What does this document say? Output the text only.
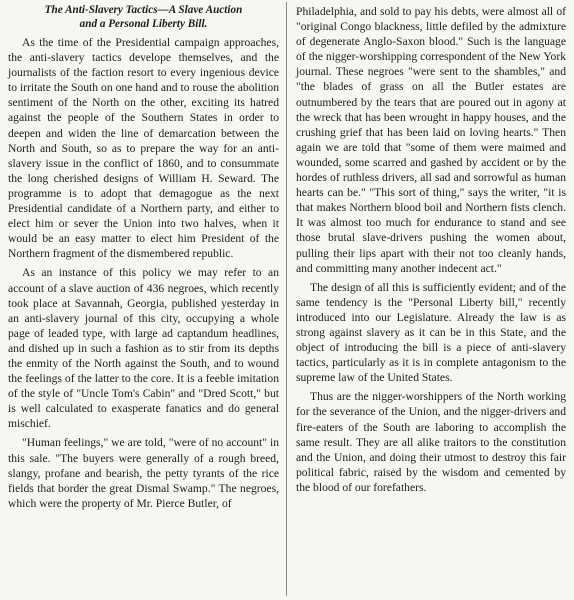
The Anti-Slavery Tactics—A Slave Auction
and a Personal Liberty Bill.

As the time of the Presidential campaign approaches, the anti-slavery tactics develope themselves, and the journalists of the faction resort to every ingenious device to irritate the South on one hand and to rouse the abolition sentiment of the North on the other, exciting its hatred against the people of the Southern States in order to deepen and widen the line of demarcation between the North and South, so as to prepare the way for an anti-slavery issue in the conflict of 1860, and to consummate the long cherished designs of William H. Seward. The programme is to adopt that demagogue as the next Presidential candidate of a Northern party, and either to elect him or sever the Union into two halves, when it would be an easy matter to elect him President of the Northern fragment of the dismembered republic.

As an instance of this policy we may refer to an account of a slave auction of 436 negroes, which recently took place at Savannah, Georgia, published yesterday in an anti-slavery journal of this city, occupying a whole page of leaded type, with large ad captandum headlines, and dished up in such a fashion as to stir from its depths the enmity of the North against the South, and to wound the feelings of the latter to the core. It is a feeble imitation of the style of "Uncle Tom's Cabin" and "Dred Scott," but is well calculated to exasperate fanatics and do general mischief.

"Human feelings," we are told, "were of no account" in this sale. "The buyers were generally of a rough breed, slangy, profane and bearish, the petty tyrants of the rice fields that border the great Dismal Swamp." The negroes, which were the property of Mr. Pierce Butler, of

Philadelphia, and sold to pay his debts, were almost all of "original Congo blackness, little defiled by the admixture of degenerate Anglo-Saxon blood." Such is the language of the nigger-worshipping correspondent of the New York journal. These negroes "were sent to the shambles," and "the blades of grass on all the Butler estates are outnumbered by the tears that are poured out in agony at the wreck that has been wrought in happy houses, and the crushing grief that has been laid on loving hearts." Then again we are told that "some of them were maimed and wounded, some scarred and gashed by accident or by the hordes of ruthless drivers, all sad and sorrowful as human hearts can be." "This sort of thing," says the writer, "it is that makes Northern blood boil and Northern fists clench. It was almost too much for endurance to stand and see those brutal slave-drivers pushing the women about, pulling their lips apart with their not too cleanly hands, and committing many another indecent act."

The design of all this is sufficiently evident; and of the same tendency is the "Personal Liberty bill," recently introduced into our Legislature. Already the law is as strong against slavery as it can be in this State, and the object of introducing the bill is a piece of anti-slavery tactics, particularly as it is in complete antagonism to the supreme law of the United States.

Thus are the nigger-worshippers of the North working for the severance of the Union, and the nigger-drivers and fire-eaters of the South are laboring to accomplish the same result. They are all alike traitors to the constitution and the Union, and doing their utmost to destroy this fair political fabric, raised by the wisdom and cemented by the blood of our forefathers.
